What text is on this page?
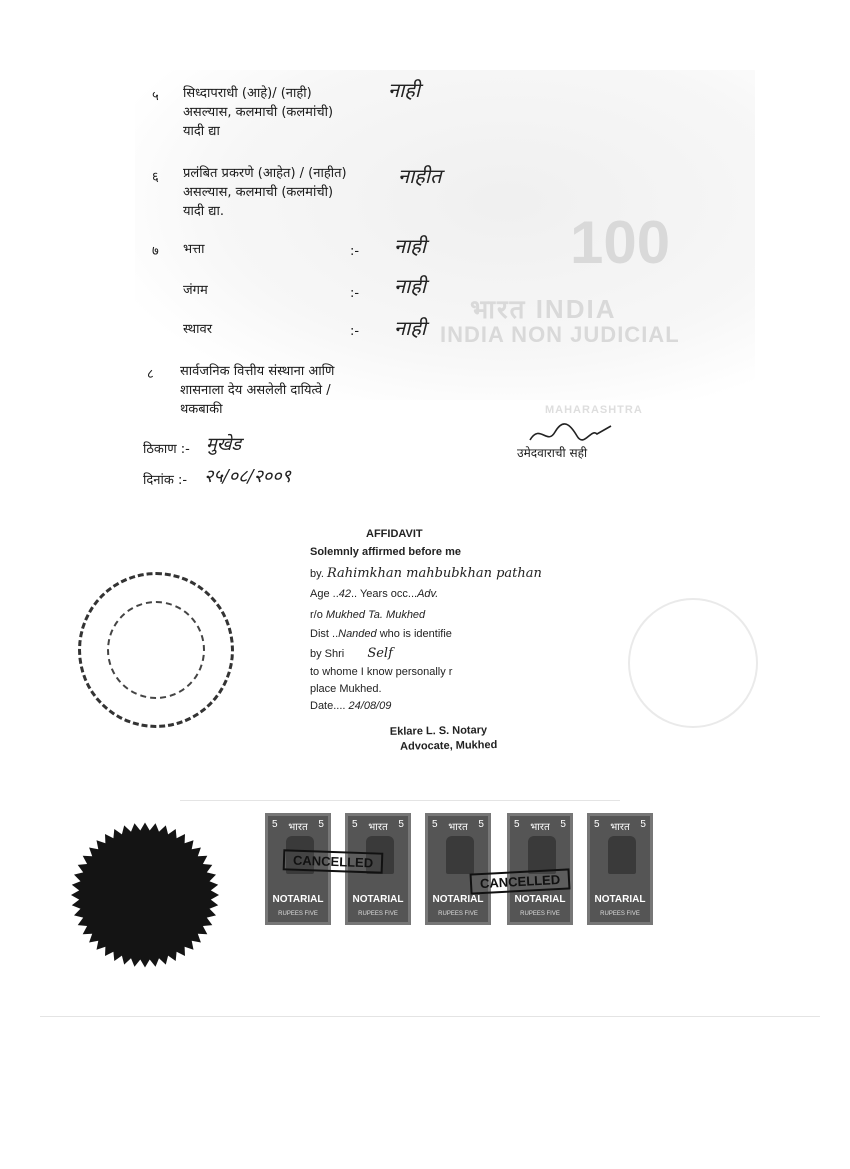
100
भारत INDIA
INDIA NON JUDICIAL
MAHARASHTRA
५ सिध्दापराधी (आहे)/ (नाही)
असल्यास, कलमाची (कलमांची)
यादी द्या
नाही
६ प्रलंबित प्रकरणे (आहेत) / (नाहीत)
असल्यास, कलमाची (कलमांची)
यादी द्या.
नाहीत
७ भत्ता	:- नाही
जंगम	:- नाही
स्थावर	:- नाही
८ सार्वजनिक वित्तीय संस्थाना आणि
शासनाला देय असलेली दायित्वे /
थकबाकी
ठिकाण :- मुखेड
दिनांक :- २५/०८/२००९
उमेदवाराची सही
AFFIDAVIT
Solemnly affirmed before me
by. Rahimkhan mahbubkhan pathan
Age ..42.. Years occ...Adv.
r/o Mukhed Ta. Mukhed
Dist ..Nanded who is identifie
by Shri Self
to whome I know personally r
place Mukhed.
Date.... 24/08/09
Eklare L. S. Notary
Advocate, Mukhed
5 भारत 5
NOTARIAL
RUPEES FIVE
5 भारत 5
NOTARIAL
RUPEES FIVE
5 भारत 5
NOTARIAL
RUPEES FIVE
5 भारत 5
NOTARIAL
RUPEES FIVE
5 भारत 5
NOTARIAL
RUPEES FIVE
CANCELLED
CANCELLED
